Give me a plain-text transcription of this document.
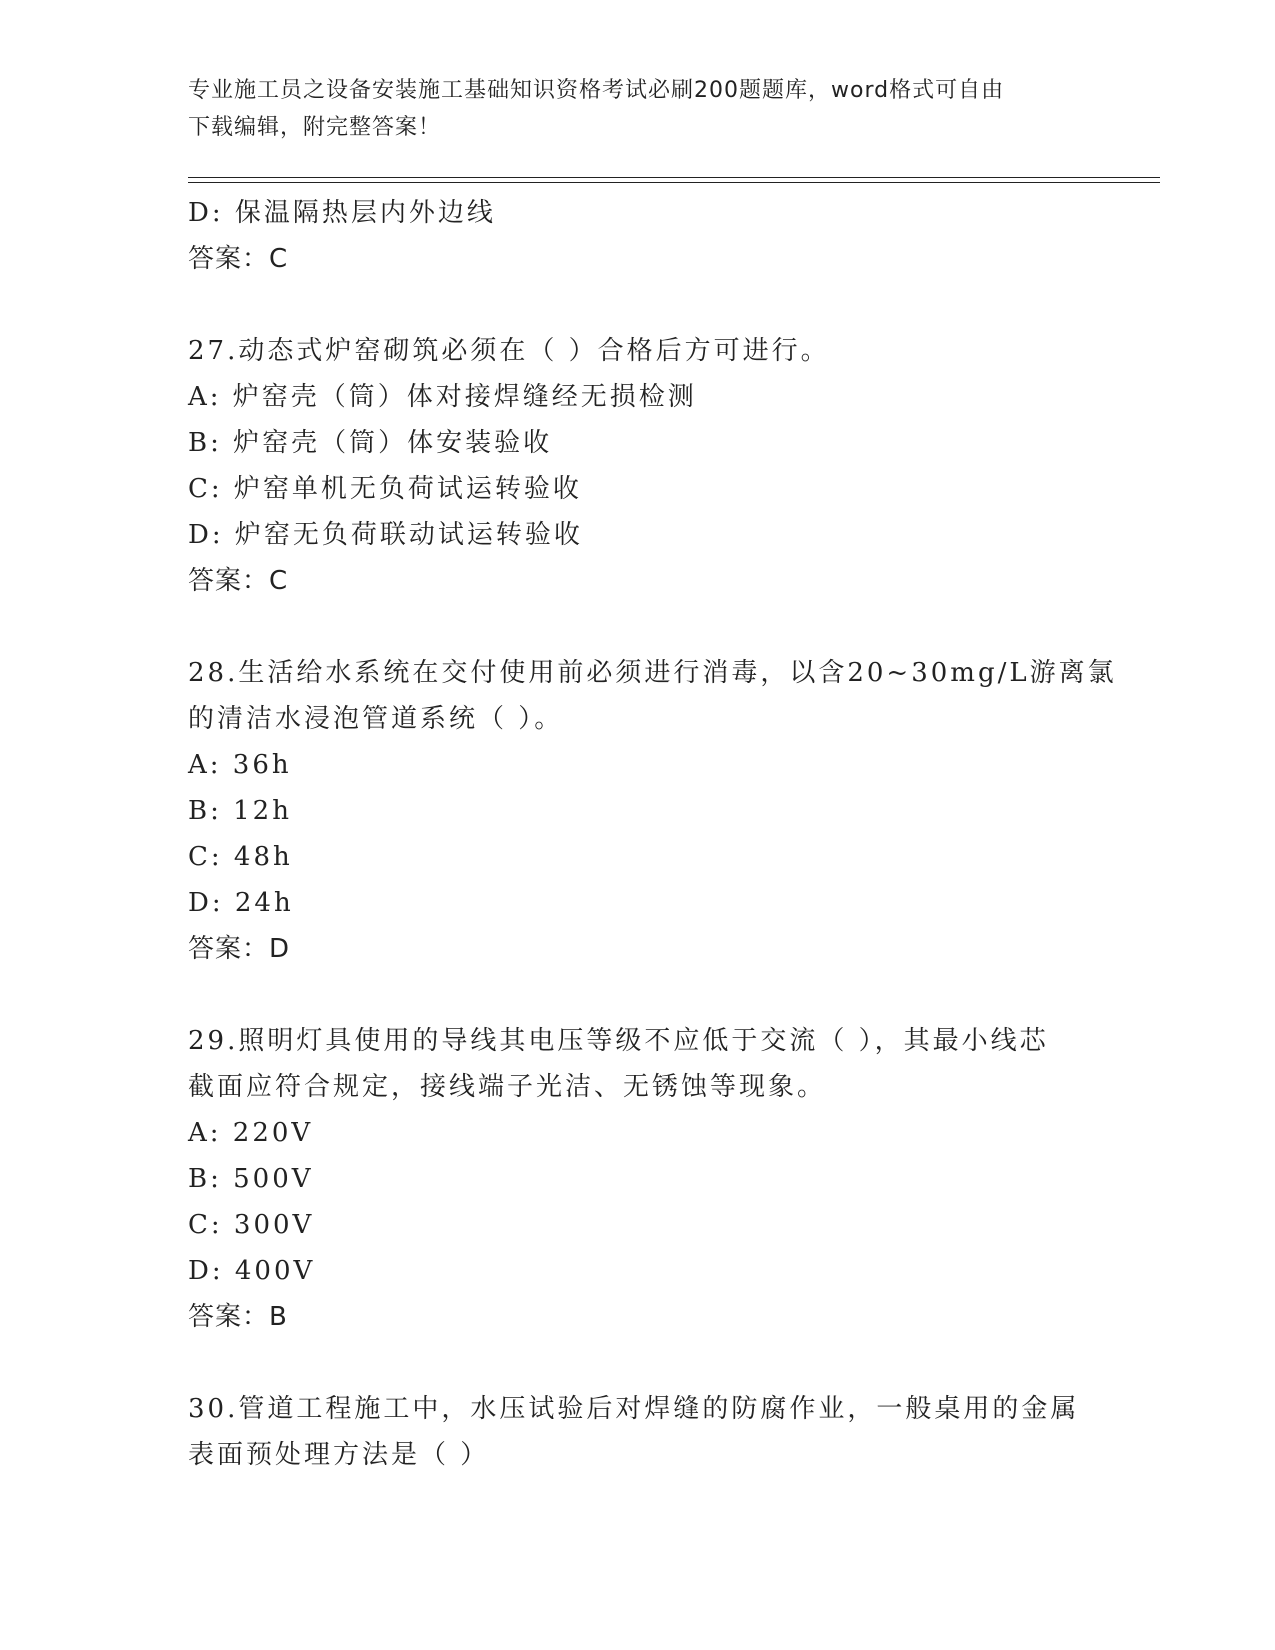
专业施工员之设备安装施工基础知识资格考试必刷200题题库，word格式可自由
下载编辑，附完整答案！
D: 保温隔热层内外边线
答案：C
27.动态式炉窑砌筑必须在（ ）合格后方可进行。
A: 炉窑壳（筒）体对接焊缝经无损检测
B: 炉窑壳（筒）体安装验收
C: 炉窑单机无负荷试运转验收
D: 炉窑无负荷联动试运转验收
答案：C
28.生活给水系统在交付使用前必须进行消毒，以含20~30mg/L游离氯
的清洁水浸泡管道系统（ ）。
A: 36h
B: 12h
C: 48h
D: 24h
答案：D
29.照明灯具使用的导线其电压等级不应低于交流（ ），其最小线芯
截面应符合规定，接线端子光洁、无锈蚀等现象。
A: 220V
B: 500V
C: 300V
D: 400V
答案：B
30.管道工程施工中，水压试验后对焊缝的防腐作业，一般桌用的金属
表面预处理方法是（ ）
